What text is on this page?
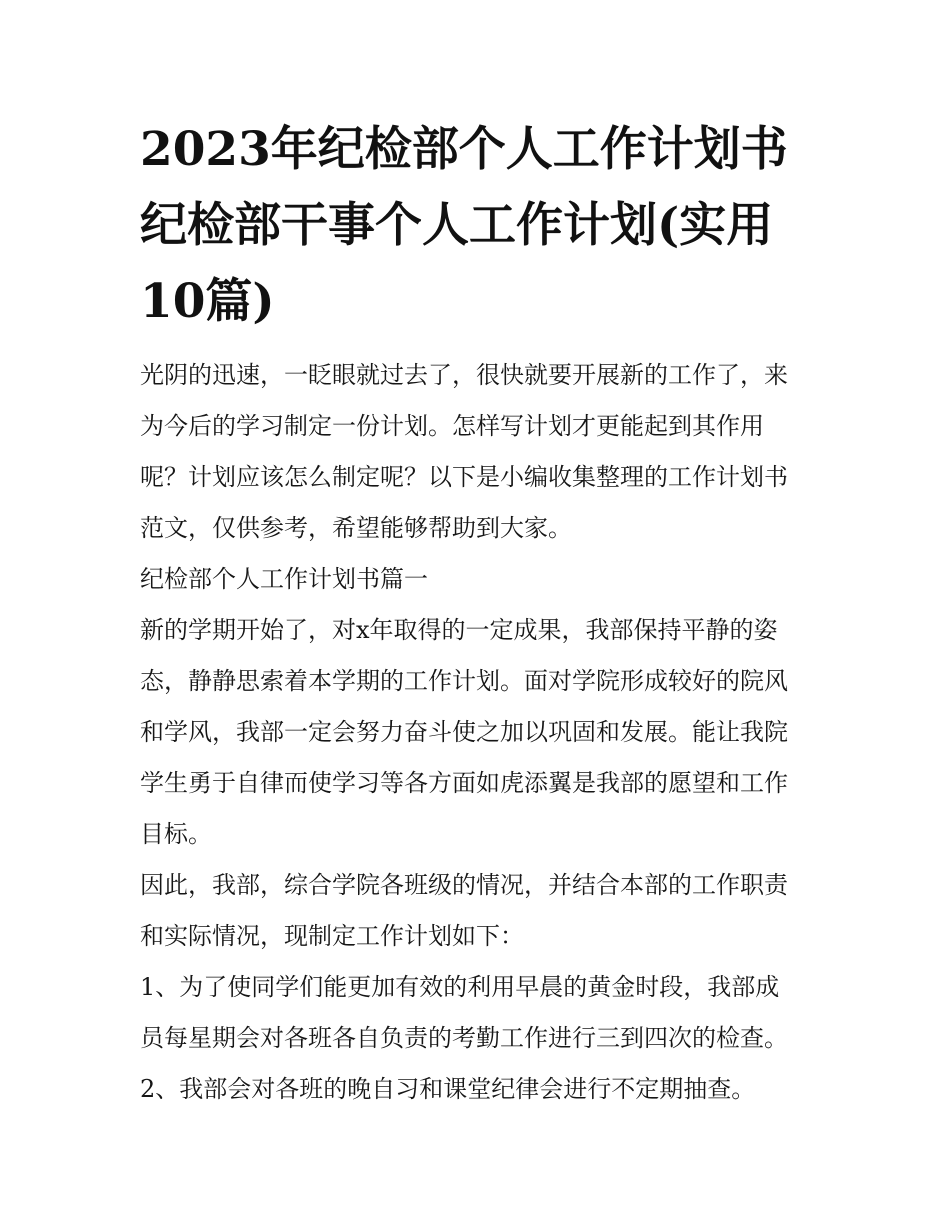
2023年纪检部个人工作计划书
纪检部干事个人工作计划(实用
10篇)
光阴的迅速，一眨眼就过去了，很快就要开展新的工作了，来
为今后的学习制定一份计划。怎样写计划才更能起到其作用
呢？计划应该怎么制定呢？以下是小编收集整理的工作计划书
范文，仅供参考，希望能够帮助到大家。
纪检部个人工作计划书篇一
新的学期开始了，对x年取得的一定成果，我部保持平静的姿
态，静静思索着本学期的工作计划。面对学院形成较好的院风
和学风，我部一定会努力奋斗使之加以巩固和发展。能让我院
学生勇于自律而使学习等各方面如虎添翼是我部的愿望和工作
目标。
因此，我部，综合学院各班级的情况，并结合本部的工作职责
和实际情况，现制定工作计划如下：
1、为了使同学们能更加有效的利用早晨的黄金时段，我部成
员每星期会对各班各自负责的考勤工作进行三到四次的检查。
2、我部会对各班的晚自习和课堂纪律会进行不定期抽查。
